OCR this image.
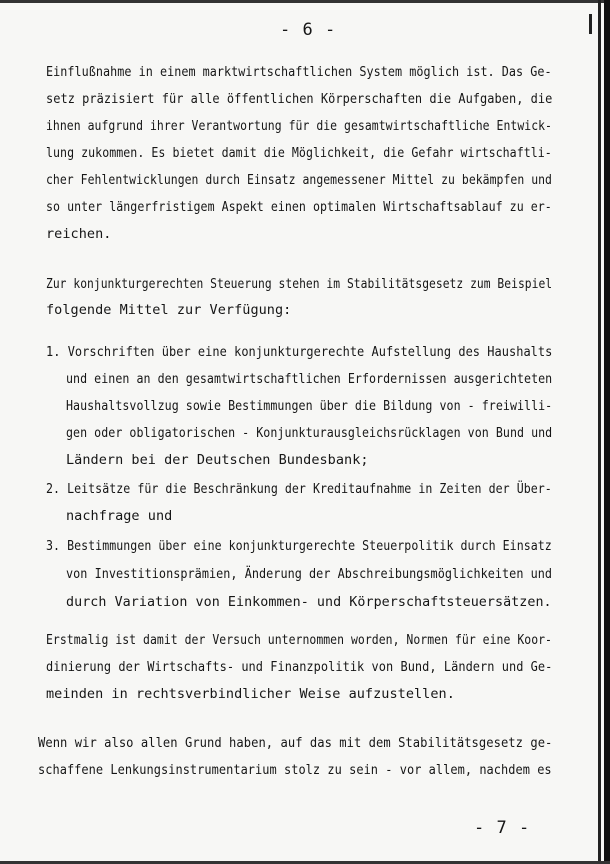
- 6 -
Einflußnahme in einem marktwirtschaftlichen System möglich ist. Das Ge-
setz präzisiert für alle öffentlichen Körperschaften die Aufgaben, die
ihnen aufgrund ihrer Verantwortung für die gesamtwirtschaftliche Entwick-
lung zukommen. Es bietet damit die Möglichkeit, die Gefahr wirtschaftli-
cher Fehlentwicklungen durch Einsatz angemessener Mittel zu bekämpfen und
so unter längerfristigem Aspekt einen optimalen Wirtschaftsablauf zu er-
reichen.
Zur konjunkturgerechten Steuerung stehen im Stabilitätsgesetz zum Beispiel
folgende Mittel zur Verfügung:
1. Vorschriften über eine konjunkturgerechte Aufstellung des Haushalts
und einen an den gesamtwirtschaftlichen Erfordernissen ausgerichteten
Haushaltsvollzug sowie Bestimmungen über die Bildung von - freiwilli-
gen oder obligatorischen - Konjunkturausgleichsrücklagen von Bund und
Ländern bei der Deutschen Bundesbank;
2. Leitsätze für die Beschränkung der Kreditaufnahme in Zeiten der Über-
nachfrage und
3. Bestimmungen über eine konjunkturgerechte Steuerpolitik durch Einsatz
von Investitionsprämien, Änderung der Abschreibungsmöglichkeiten und
durch Variation von Einkommen- und Körperschaftsteuersätzen.
Erstmalig ist damit der Versuch unternommen worden, Normen für eine Koor-
dinierung der Wirtschafts- und Finanzpolitik von Bund, Ländern und Ge-
meinden in rechtsverbindlicher Weise aufzustellen.
Wenn wir also allen Grund haben, auf das mit dem Stabilitätsgesetz ge-
schaffene Lenkungsinstrumentarium stolz zu sein - vor allem, nachdem es
- 7 -
